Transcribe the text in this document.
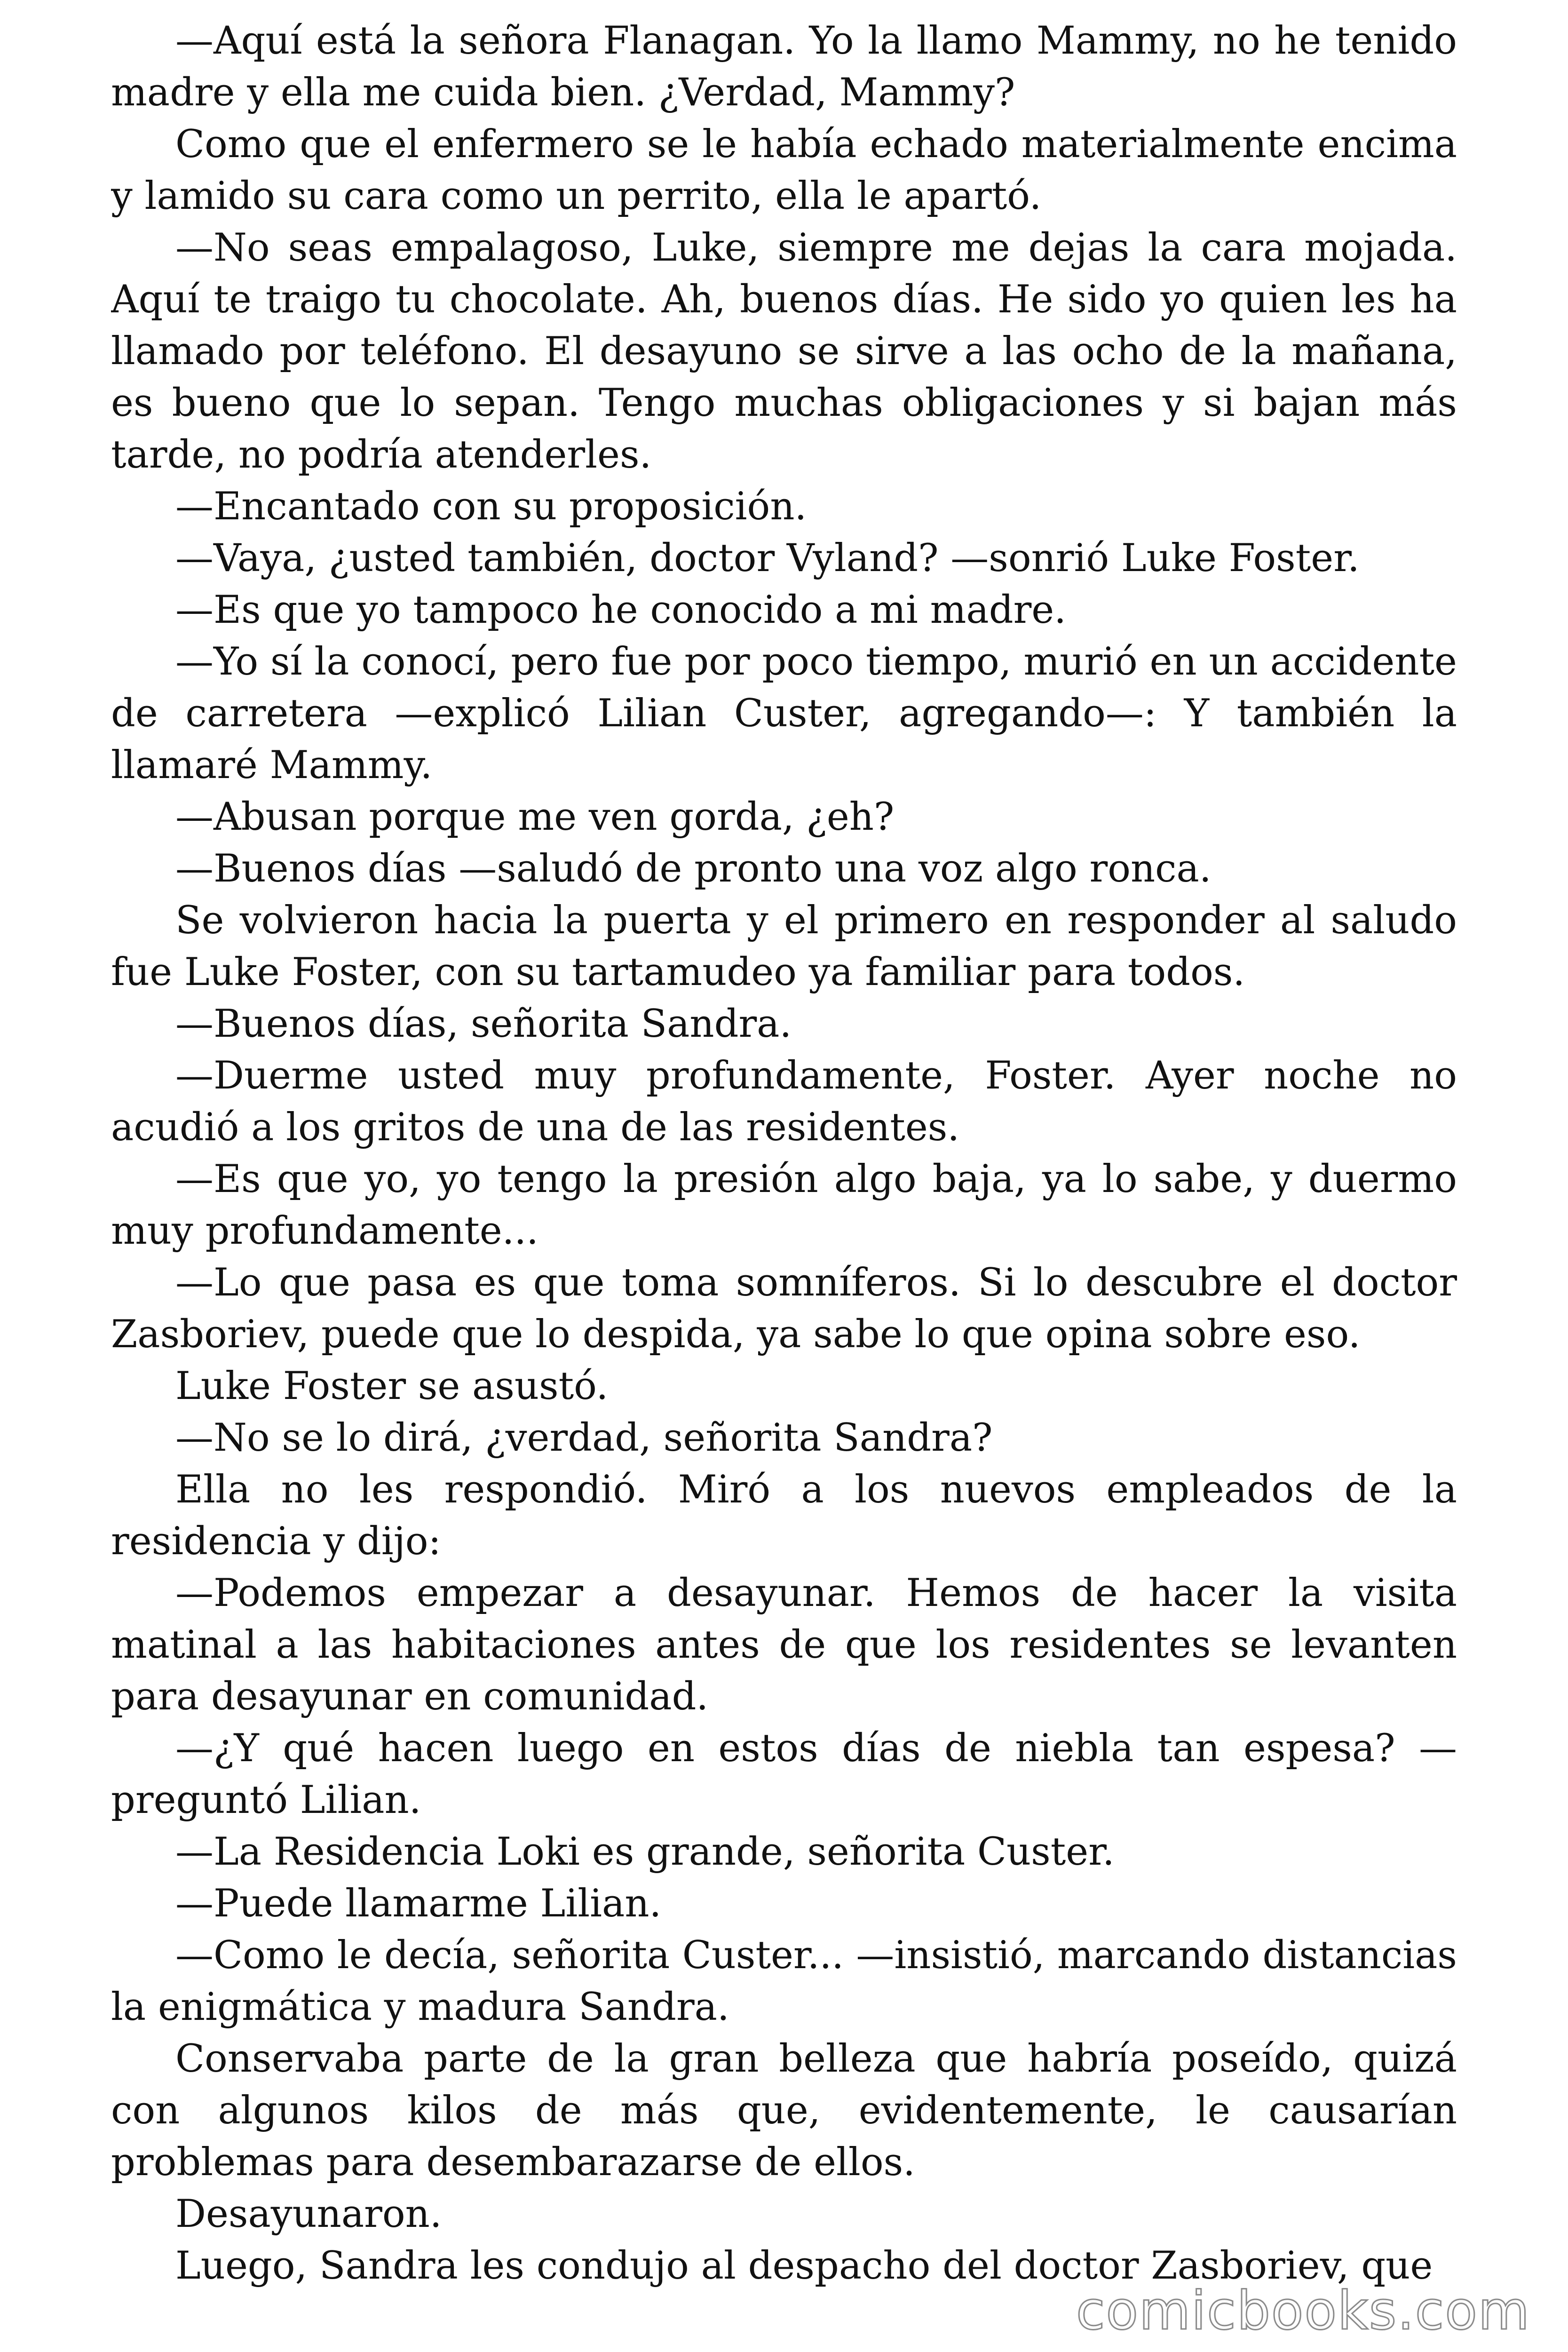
—Aquí está la señora Flanagan. Yo la llamo Mammy, no he tenido madre y ella me cuida bien. ¿Verdad, Mammy?

Como que el enfermero se le había echado materialmente encima y lamido su cara como un perrito, ella le apartó.

—No seas empalagoso, Luke, siempre me dejas la cara mojada. Aquí te traigo tu chocolate. Ah, buenos días. He sido yo quien les ha llamado por teléfono. El desayuno se sirve a las ocho de la mañana, es bueno que lo sepan. Tengo muchas obligaciones y si bajan más tarde, no podría atenderles.

—Encantado con su proposición.

—Vaya, ¿usted también, doctor Vyland? —sonrió Luke Foster.

—Es que yo tampoco he conocido a mi madre.

—Yo sí la conocí, pero fue por poco tiempo, murió en un accidente de carretera —explicó Lilian Custer, agregando—: Y también la llamaré Mammy.

—Abusan porque me ven gorda, ¿eh?

—Buenos días —saludó de pronto una voz algo ronca.

Se volvieron hacia la puerta y el primero en responder al saludo fue Luke Foster, con su tartamudeo ya familiar para todos.

—Buenos días, señorita Sandra.

—Duerme usted muy profundamente, Foster. Ayer noche no acudió a los gritos de una de las residentes.

—Es que yo, yo tengo la presión algo baja, ya lo sabe, y duermo muy profundamente...

—Lo que pasa es que toma somníferos. Si lo descubre el doctor Zasboriev, puede que lo despida, ya sabe lo que opina sobre eso.

Luke Foster se asustó.

—No se lo dirá, ¿verdad, señorita Sandra?

Ella no les respondió. Miró a los nuevos empleados de la residencia y dijo:

—Podemos empezar a desayunar. Hemos de hacer la visita matinal a las habitaciones antes de que los residentes se levanten para desayunar en comunidad.

—¿Y qué hacen luego en estos días de niebla tan espesa? —preguntó Lilian.

—La Residencia Loki es grande, señorita Custer.

—Puede llamarme Lilian.

—Como le decía, señorita Custer... —insistió, marcando distancias la enigmática y madura Sandra.

Conservaba parte de la gran belleza que habría poseído, quizá con algunos kilos de más que, evidentemente, le causarían problemas para desembarazarse de ellos.

Desayunaron.

Luego, Sandra les condujo al despacho del doctor Zasboriev, que

comicbooks.com
